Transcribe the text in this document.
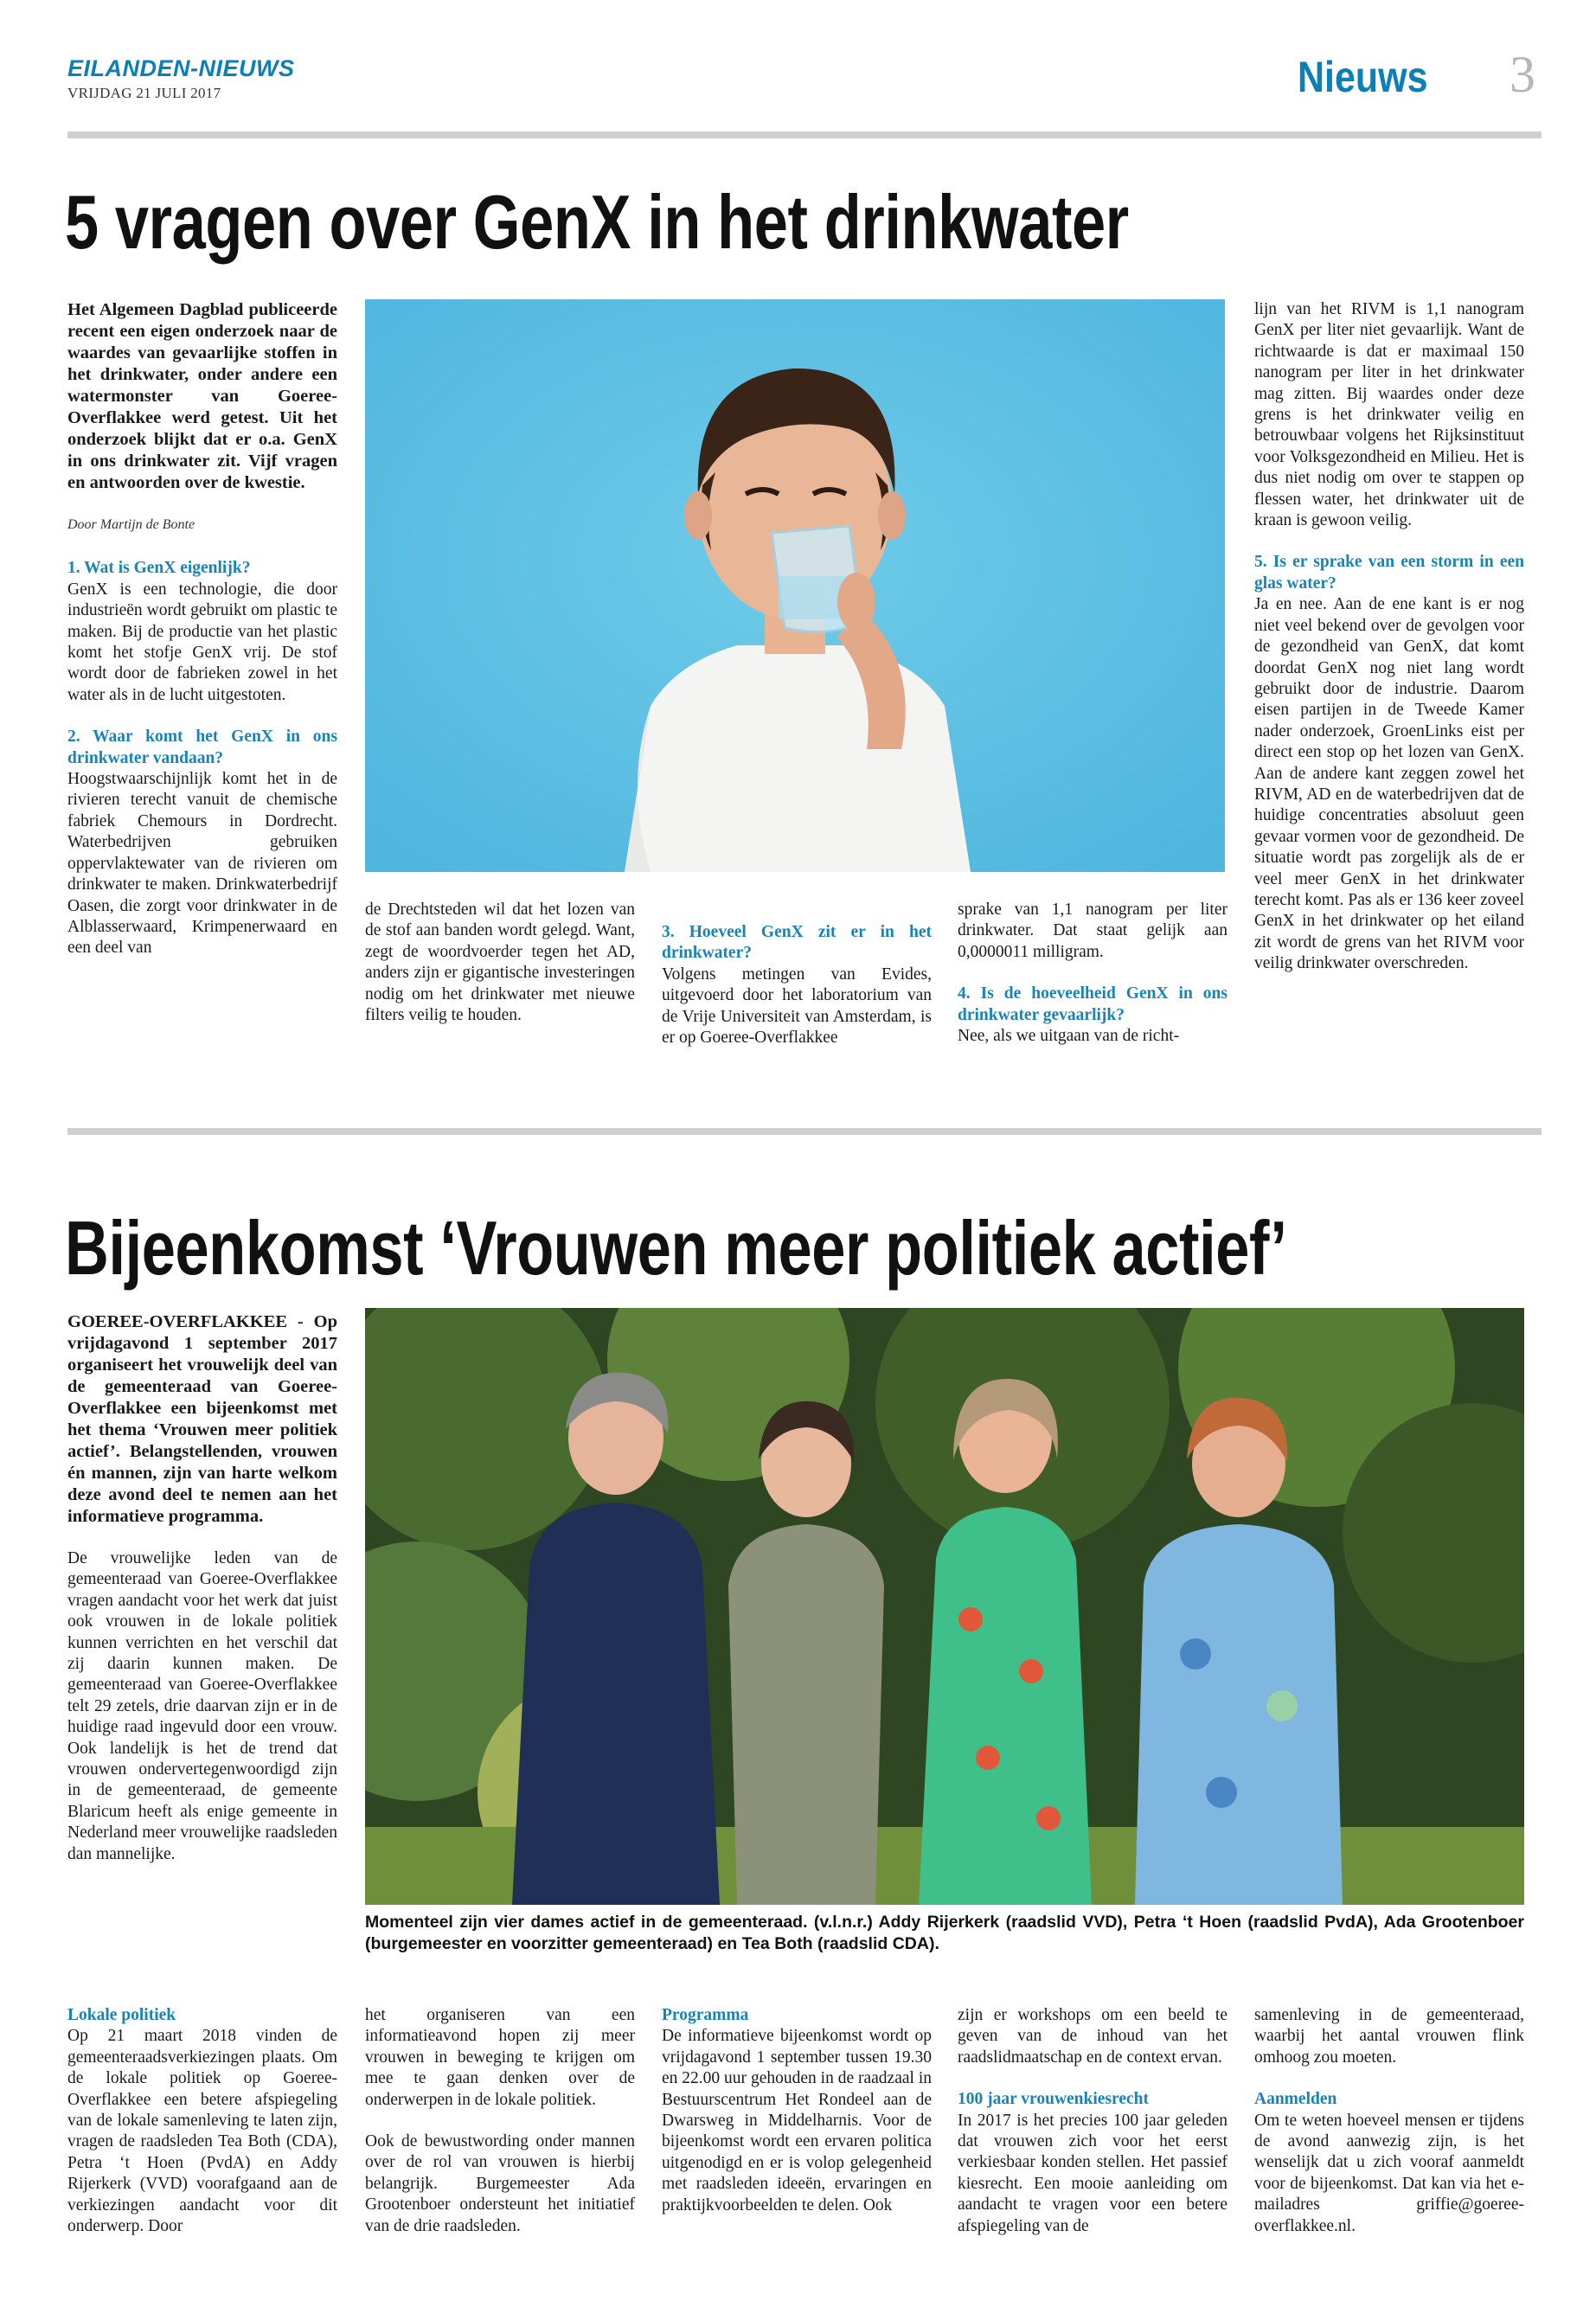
EILANDEN-NIEUWS
VRIJDAG 21 JULI 2017	Nieuws 3
5 vragen over GenX in het drinkwater

Het Algemeen Dagblad publiceerde recent een eigen onderzoek naar de waardes van gevaarlijke stoffen in het drinkwater, onder andere een watermonster van Goeree-Overflakkee werd getest. Uit het onderzoek blijkt dat er o.a. GenX in ons drinkwater zit. Vijf vragen en antwoorden over de kwestie.

Door Martijn de Bonte

1. Wat is GenX eigenlijk?

GenX is een technologie, die door industrieën wordt gebruikt om plastic te maken. Bij de productie van het plastic komt het stofje GenX vrij. De stof wordt door de fabrieken zowel in het water als in de lucht uitgestoten.

2. Waar komt het GenX in ons drinkwater vandaan?

Hoogstwaarschijnlijk komt het in de rivieren terecht vanuit de chemische fabriek Chemours in Dordrecht. Waterbedrijven gebruiken oppervlaktewater van de rivieren om drinkwater te maken. Drinkwaterbedrijf Oasen, die zorgt voor drinkwater in de Alblasserwaard, Krimpenerwaard en een deel van

de Drechtsteden wil dat het lozen van de stof aan banden wordt gelegd. Want, zegt de woordvoerder tegen het AD, anders zijn er gigantische investeringen nodig om het drinkwater met nieuwe filters veilig te houden.

3. Hoeveel GenX zit er in het drinkwater?

Volgens metingen van Evides, uitgevoerd door het laboratorium van de Vrije Universiteit van Amsterdam, is er op Goeree-Overflakkee

sprake van 1,1 nanogram per liter drinkwater. Dat staat gelijk aan 0,0000011 milligram.

4. Is de hoeveelheid GenX in ons drinkwater gevaarlijk?

Nee, als we uitgaan van de richt-

lijn van het RIVM is 1,1 nanogram GenX per liter niet gevaarlijk. Want de richtwaarde is dat er maximaal 150 nanogram per liter in het drinkwater mag zitten. Bij waardes onder deze grens is het drinkwater veilig en betrouwbaar volgens het Rijksinstituut voor Volksgezondheid en Milieu. Het is dus niet nodig om over te stappen op flessen water, het drinkwater uit de kraan is gewoon veilig.

5. Is er sprake van een storm in een glas water?

Ja en nee. Aan de ene kant is er nog niet veel bekend over de gevolgen voor de gezondheid van GenX, dat komt doordat GenX nog niet lang wordt gebruikt door de industrie. Daarom eisen partijen in de Tweede Kamer nader onderzoek, GroenLinks eist per direct een stop op het lozen van GenX. Aan de andere kant zeggen zowel het RIVM, AD en de waterbedrijven dat de huidige concentraties absoluut geen gevaar vormen voor de gezondheid. De situatie wordt pas zorgelijk als de er veel meer GenX in het drinkwater terecht komt. Pas als er 136 keer zoveel GenX in het drinkwater op het eiland zit wordt de grens van het RIVM voor veilig drinkwater overschreden.

Bijeenkomst ‘Vrouwen meer politiek actief’
Momenteel zijn vier dames actief in de gemeenteraad. (v.l.n.r.) Addy Rijerkerk (raadslid VVD), Petra ‘t Hoen (raadslid PvdA), Ada Grootenboer (burgemeester en voorzitter gemeenteraad) en Tea Both (raadslid CDA).

GOEREE-OVERFLAKKEE - Op vrijdagavond 1 september 2017 organiseert het vrouwelijk deel van de gemeenteraad van Goeree-Overflakkee een bijeenkomst met het thema ‘Vrouwen meer politiek actief’. Belangstellenden, vrouwen én mannen, zijn van harte welkom deze avond deel te nemen aan het informatieve programma.

De vrouwelijke leden van de gemeenteraad van Goeree-Overflakkee vragen aandacht voor het werk dat juist ook vrouwen in de lokale politiek kunnen verrichten en het verschil dat zij daarin kunnen maken. De gemeenteraad van Goeree-Overflakkee telt 29 zetels, drie daarvan zijn er in de huidige raad ingevuld door een vrouw. Ook landelijk is het de trend dat vrouwen ondervertegenwoordigd zijn in de gemeenteraad, de gemeente Blaricum heeft als enige gemeente in Nederland meer vrouwelijke raadsleden dan mannelijke.

Lokale politiek

Op 21 maart 2018 vinden de gemeenteraadsverkiezingen plaats. Om de lokale politiek op Goeree-Overflakkee een betere afspiegeling van de lokale samenleving te laten zijn, vragen de raadsleden Tea Both (CDA), Petra ‘t Hoen (PvdA) en Addy Rijerkerk (VVD) voorafgaand aan de verkiezingen aandacht voor dit onderwerp. Door

het organiseren van een informatieavond hopen zij meer vrouwen in beweging te krijgen om mee te gaan denken over de onderwerpen in de lokale politiek.

Ook de bewustwording onder mannen over de rol van vrouwen is hierbij belangrijk. Burgemeester Ada Grootenboer ondersteunt het initiatief van de drie raadsleden.

Programma

De informatieve bijeenkomst wordt op vrijdagavond 1 september tussen 19.30 en 22.00 uur gehouden in de raadzaal in Bestuurscentrum Het Rondeel aan de Dwarsweg in Middelharnis. Voor de bijeenkomst wordt een ervaren politica uitgenodigd en er is volop gelegenheid met raadsleden ideeën, ervaringen en praktijkvoorbeelden te delen. Ook

zijn er workshops om een beeld te geven van de inhoud van het raadslidmaatschap en de context ervan.

100 jaar vrouwenkiesrecht

In 2017 is het precies 100 jaar geleden dat vrouwen zich voor het eerst verkiesbaar konden stellen. Het passief kiesrecht. Een mooie aanleiding om aandacht te vragen voor een betere afspiegeling van de

samenleving in de gemeenteraad, waarbij het aantal vrouwen flink omhoog zou moeten.

Aanmelden

Om te weten hoeveel mensen er tijdens de avond aanwezig zijn, is het wenselijk dat u zich vooraf aanmeldt voor de bijeenkomst. Dat kan via het e-mailadres griffie@goeree-overflakkee.nl.
